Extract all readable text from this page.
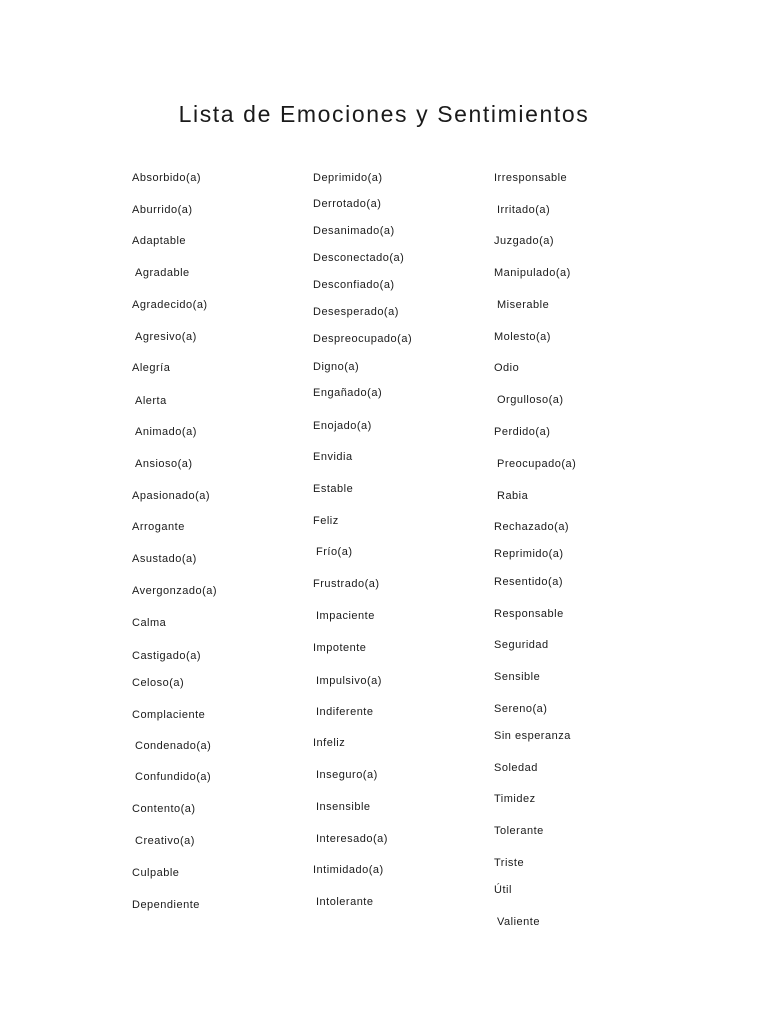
Lista de Emociones y Sentimientos
Absorbido(a)
Aburrido(a)
Adaptable
Agradable
Agradecido(a)
Agresivo(a)
Alegría
Alerta
Animado(a)
Ansioso(a)
Apasionado(a)
Arrogante
Asustado(a)
Avergonzado(a)
Calma
Castigado(a)
Celoso(a)
Complaciente
Condenado(a)
Confundido(a)
Contento(a)
Creativo(a)
Culpable
Dependiente
Deprimido(a)
Derrotado(a)
Desanimado(a)
Desconectado(a)
Desconfiado(a)
Desesperado(a)
Despreocupado(a)
Digno(a)
Engañado(a)
Enojado(a)
Envidia
Estable
Feliz
Frío(a)
Frustrado(a)
Impaciente
Impotente
Impulsivo(a)
Indiferente
Infeliz
Inseguro(a)
Insensible
Interesado(a)
Intimidado(a)
Intolerante
Irresponsable
Irritado(a)
Juzgado(a)
Manipulado(a)
Miserable
Molesto(a)
Odio
Orgulloso(a)
Perdido(a)
Preocupado(a)
Rabia
Rechazado(a)
Reprimido(a)
Resentido(a)
Responsable
Seguridad
Sensible
Sereno(a)
Sin esperanza
Soledad
Timidez
Tolerante
Triste
Útil
Valiente
